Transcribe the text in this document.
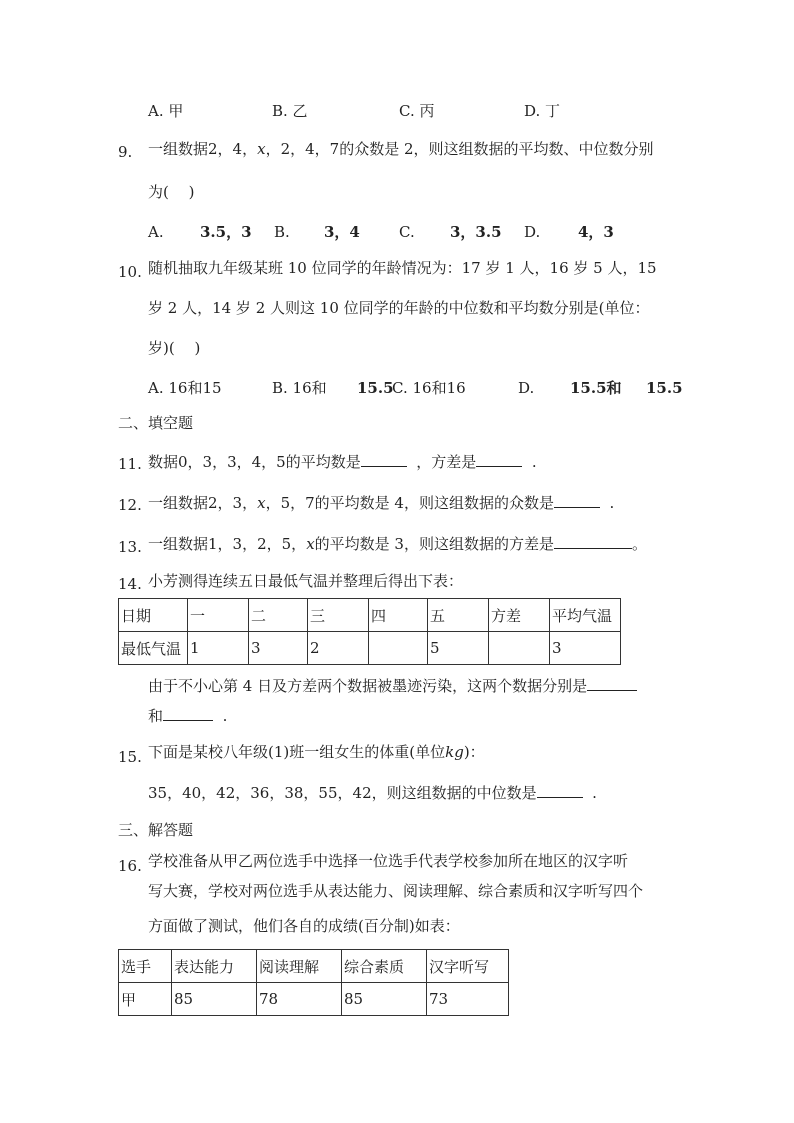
A. 甲	B. 乙	C. 丙	D. 丁
9. 一组数据2，4，x，2，4，7的众数是 2，则这组数据的平均数、中位数分别
为(　 )
A. 3.5，3 B. 3，4	C. 3，3.5 D.	4，3
10. 随机抽取九年级某班 10 位同学的年龄情况为：17 岁 1 人，16 岁 5 人，15
岁 2 人，14 岁 2 人则这 10 位同学的年龄的中位数和平均数分别是(单位：
岁)(　 )
A. 16和15	B. 16和 15.5
C. 16和16	D. 15.5和 15.5
二、填空题
11. 数据0，3，3，4，5的平均数是	，方差是	.
12. 一组数据2，3，x，5，7的平均数是 4，则这组数据的众数是	.
13. 一组数据1，3，2，5，x的平均数是 3，则这组数据的方差是	。
14. 小芳测得连续五日最低气温并整理后得出下表：
日期	一	二	三	四	五	方差	平均气温
最低气温	1	3	2		5		3
由于不小心第 4 日及方差两个数据被墨迹污染，这两个数据分别是
和	.
15. 下面是某校八年级(1)班一组女生的体重(单位kg)：
35，40，42，36，38，55，42，则这组数据的中位数是	.
三、解答题
16. 学校准备从甲乙两位选手中选择一位选手代表学校参加所在地区的汉字听
写大赛，学校对两位选手从表达能力、阅读理解、综合素质和汉字听写四个
方面做了测试，他们各自的成绩(百分制)如表：
选手	表达能力	阅读理解	综合素质	汉字听写
甲	85	78	85	73
